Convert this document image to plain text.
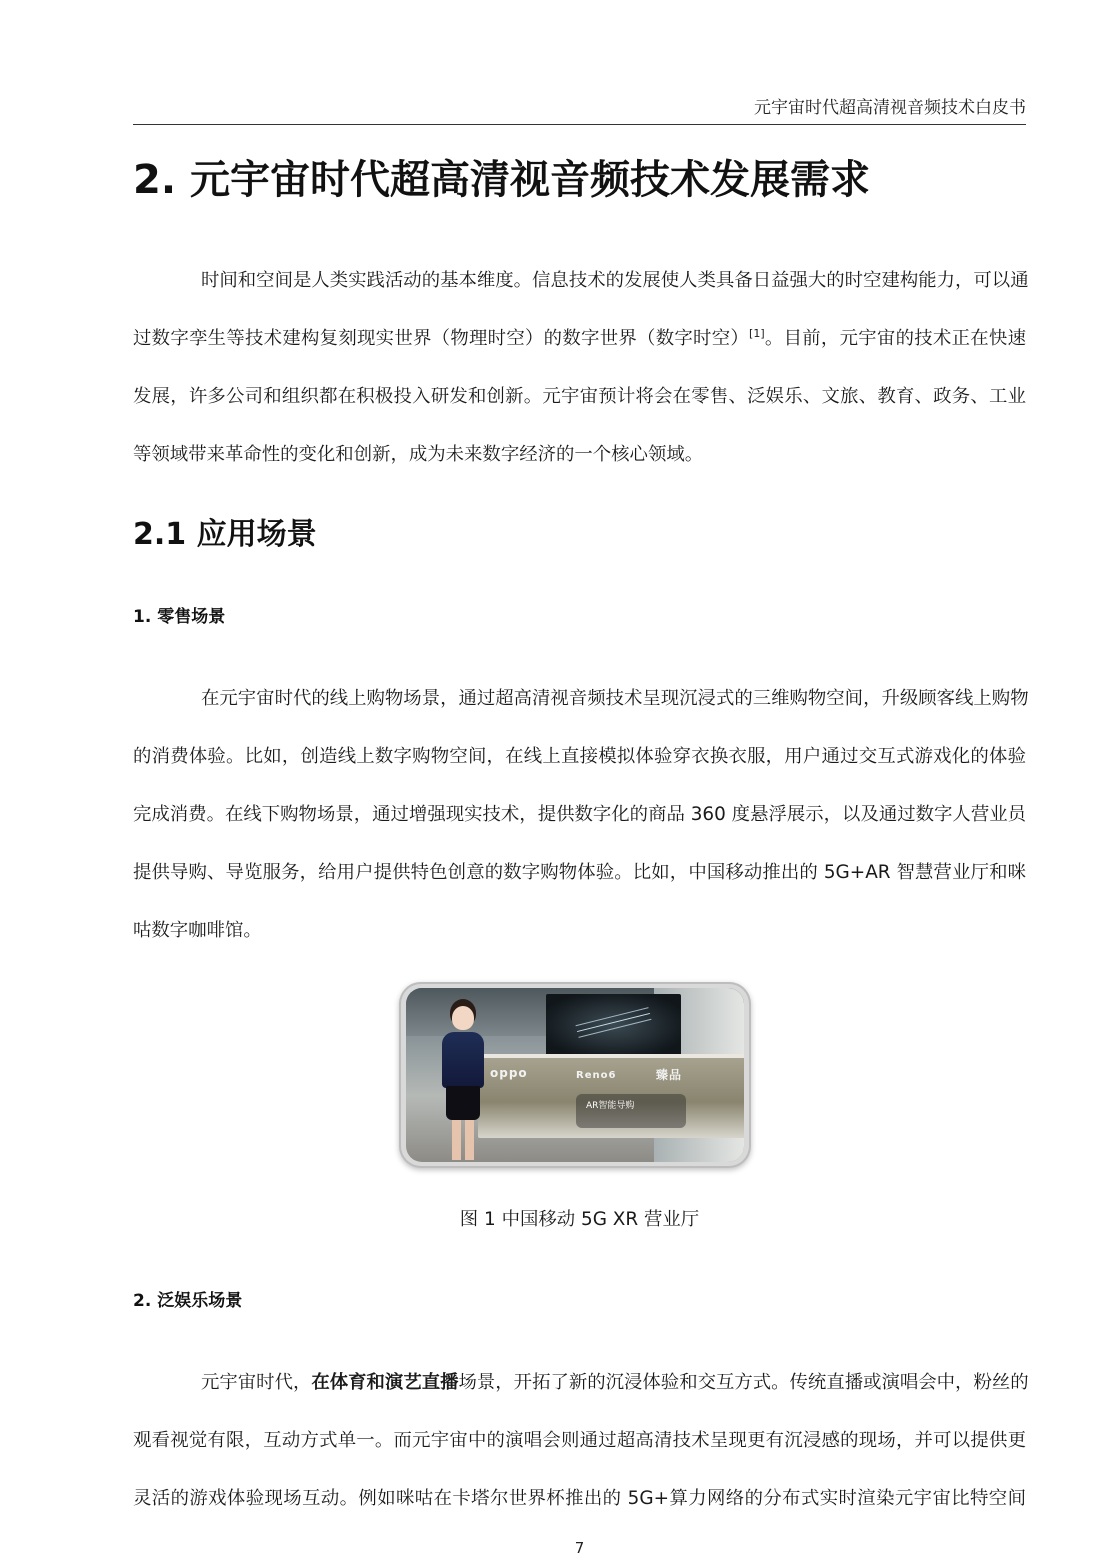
元宇宙时代超高清视音频技术白皮书
2. 元宇宙时代超高清视音频技术发展需求
时间和空间是人类实践活动的基本维度。信息技术的发展使人类具备日益强大的时空建构能力，可以通
过数字孪生等技术建构复刻现实世界（物理时空）的数字世界（数字时空）[1]。目前，元宇宙的技术正在快速
发展，许多公司和组织都在积极投入研发和创新。元宇宙预计将会在零售、泛娱乐、文旅、教育、政务、工业
等领域带来革命性的变化和创新，成为未来数字经济的一个核心领域。
2.1 应用场景
1. 零售场景
在元宇宙时代的线上购物场景，通过超高清视音频技术呈现沉浸式的三维购物空间，升级顾客线上购物
的消费体验。比如，创造线上数字购物空间，在线上直接模拟体验穿衣换衣服，用户通过交互式游戏化的体验
完成消费。在线下购物场景，通过增强现实技术，提供数字化的商品 360 度悬浮展示，以及通过数字人营业员
提供导购、导览服务，给用户提供特色创意的数字购物体验。比如，中国移动推出的 5G+AR 智慧营业厅和咪
咕数字咖啡馆。
oppo	Reno6	臻品
AR智能导购
图 1 中国移动 5G XR 营业厅
2. 泛娱乐场景
元宇宙时代，在体育和演艺直播场景，开拓了新的沉浸体验和交互方式。传统直播或演唱会中，粉丝的
观看视觉有限，互动方式单一。而元宇宙中的演唱会则通过超高清技术呈现更有沉浸感的现场，并可以提供更
灵活的游戏体验现场互动。例如咪咕在卡塔尔世界杯推出的 5G+算力网络的分布式实时渲染元宇宙比特空间
7
